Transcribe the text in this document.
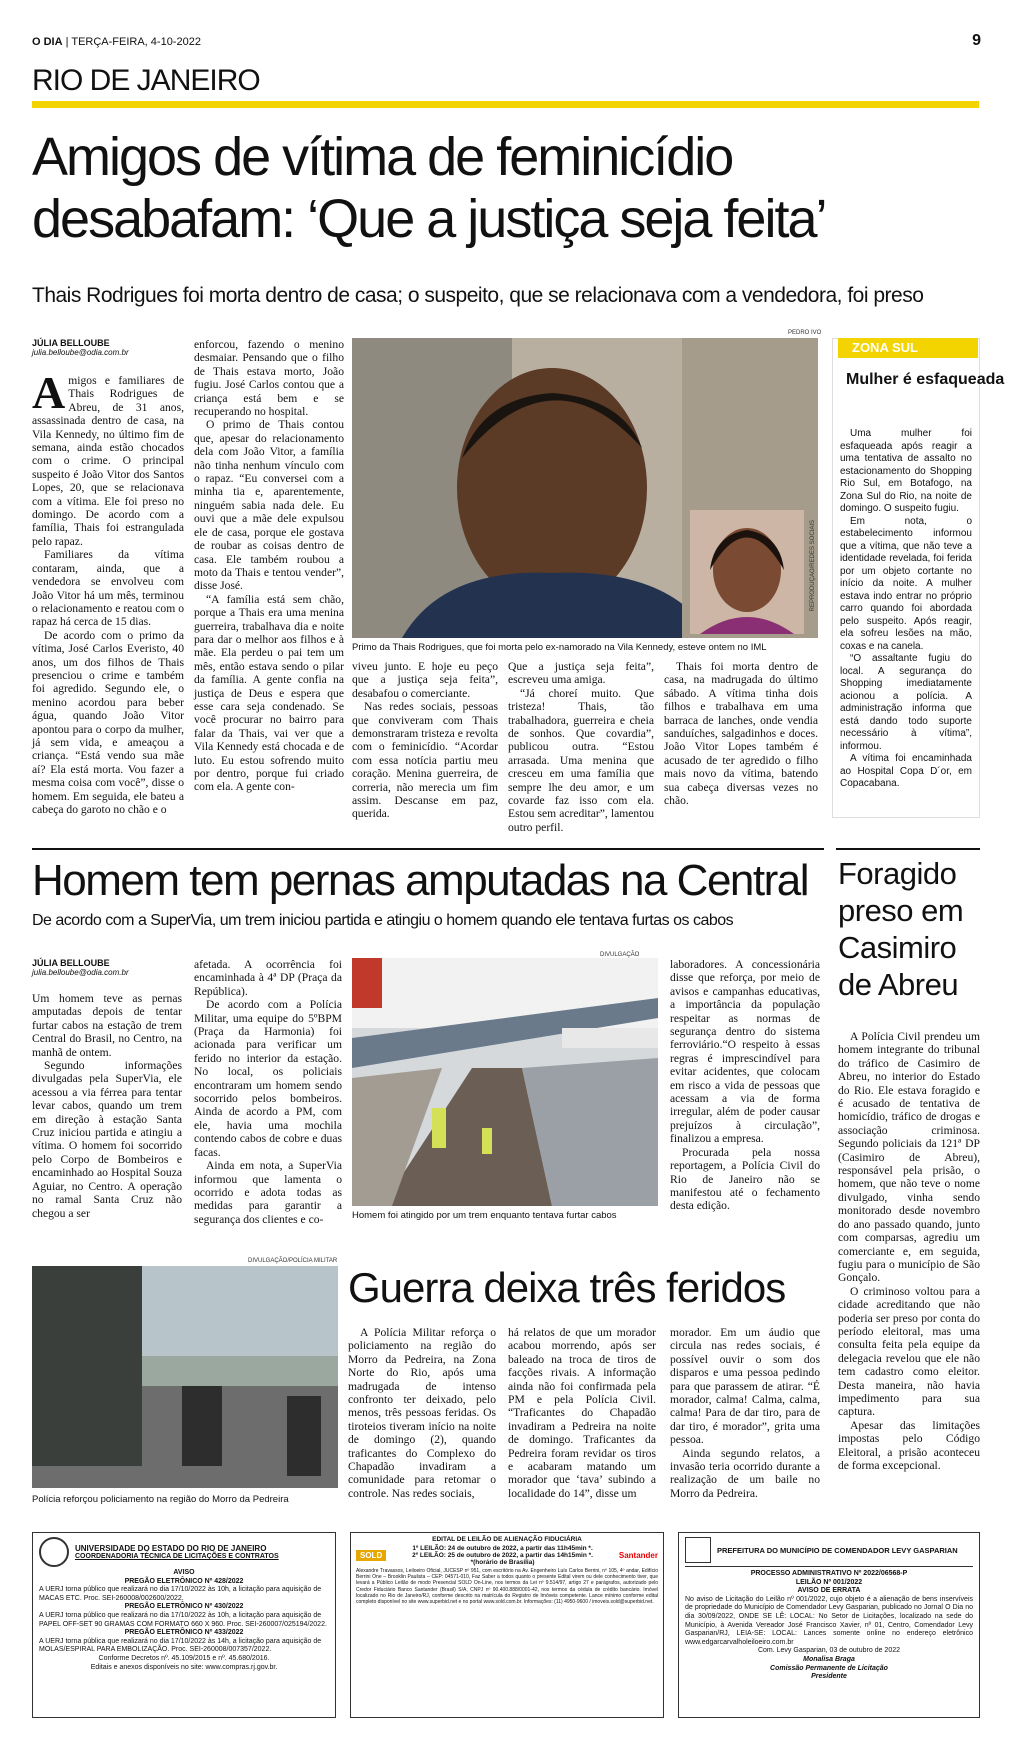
O DIA | TERÇA-FEIRA, 4-10-2022	9
RIO DE JANEIRO
Amigos de vítima de feminicídio desabafam: ‘Que a justiça seja feita’
Thais Rodrigues foi morta dentro de casa; o suspeito, que se relacionava com a vendedora, foi preso
JÚLIA BELLOUBE
julia.belloube@odia.com.br

Amigos e familiares de Thais Rodrigues de Abreu, de 31 anos, assassinada dentro de casa, na Vila Kennedy, no último fim de semana, ainda estão chocados com o crime. O principal suspeito é João Vitor dos Santos Lopes, 20, que se relacionava com a vítima. Ele foi preso no domingo. De acordo com a família, Thais foi estrangulada pelo rapaz.

Familiares da vítima contaram, ainda, que a vendedora se envolveu com João Vitor há um mês, terminou o relacionamento e reatou com o rapaz há cerca de 15 dias.

De acordo com o primo da vítima, José Carlos Everisto, 40 anos, um dos filhos de Thais presenciou o crime e também foi agredido. Segundo ele, o menino acordou para beber água, quando João Vitor apontou para o corpo da mulher, já sem vida, e ameaçou a criança. “Está vendo sua mãe aí? Ela está morta. Vou fazer a mesma coisa com você”, disse o homem. Em seguida, ele bateu a cabeça do garoto no chão e o

enforcou, fazendo o menino desmaiar. Pensando que o filho de Thais estava morto, João fugiu. José Carlos contou que a criança está bem e se recuperando no hospital.

O primo de Thais contou que, apesar do relacionamento dela com João Vitor, a família não tinha nenhum vínculo com o rapaz. “Eu conversei com a minha tia e, aparentemente, ninguém sabia nada dele. Eu ouvi que a mãe dele expulsou ele de casa, porque ele gostava de roubar as coisas dentro de casa. Ele também roubou a moto da Thais e tentou vender”, disse José.

“A família está sem chão, porque a Thais era uma menina guerreira, trabalhava dia e noite para dar o melhor aos filhos e à mãe. Ela perdeu o pai tem um mês, então estava sendo o pilar da família. A gente confia na justiça de Deus e espera que esse cara seja condenado. Se você procurar no bairro para falar da Thais, vai ver que a Vila Kennedy está chocada e de luto. Eu estou sofrendo muito por dentro, porque fui criado com ela. A gente con-

PEDRO IVO
REPRODUÇÃO/REDES SOCIAIS
Primo da Thais Rodrigues, que foi morta pelo ex-namorado na Vila Kennedy, esteve ontem no IML

viveu junto. E hoje eu peço que a justiça seja feita”, desabafou o comerciante.

Nas redes sociais, pessoas que conviveram com Thais demonstraram tristeza e revolta com o feminicídio. “Acordar com essa notícia partiu meu coração. Menina guerreira, de correria, não merecia um fim assim. Descanse em paz, querida.

Que a justiça seja feita”, escreveu uma amiga.

“Já choreí muito. Que tristeza! Thais, tão trabalhadora, guerreira e cheia de sonhos. Que covardia”, publicou outra. “Estou arrasada. Uma menina que cresceu em uma família que sempre lhe deu amor, e um covarde faz isso com ela. Estou sem acreditar”, lamentou outro perfil.

Thais foi morta dentro de casa, na madrugada do último sábado. A vítima tinha dois filhos e trabalhava em uma barraca de lanches, onde vendia sanduíches, salgadinhos e doces. João Vitor Lopes também é acusado de ter agredido o filho mais novo da vítima, batendo sua cabeça diversas vezes no chão.

ZONA SUL
Mulher é esfaqueada

Uma mulher foi esfaqueada após reagir a uma tentativa de assalto no estacionamento do Shopping Rio Sul, em Botafogo, na Zona Sul do Rio, na noite de domingo. O suspeito fugiu.

Em nota, o estabelecimento informou que a vítima, que não teve a identidade revelada, foi ferida por um objeto cortante no início da noite. A mulher estava indo entrar no próprio carro quando foi abordada pelo suspeito. Após reagir, ela sofreu lesões na mão, coxas e na canela.

“O assaltante fugiu do local. A segurança do Shopping imediatamente acionou a polícia. A administração informa que está dando todo suporte necessário à vítima”, informou.

A vítima foi encaminhada ao Hospital Copa D´or, em Copacabana.

Homem tem pernas amputadas na Central
De acordo com a SuperVia, um trem iniciou partida e atingiu o homem quando ele tentava furtas os cabos
JÚLIA BELLOUBE
julia.belloube@odia.com.br

Um homem teve as pernas amputadas depois de tentar furtar cabos na estação de trem Central do Brasil, no Centro, na manhã de ontem.

Segundo informações divulgadas pela SuperVia, ele acessou a via férrea para tentar levar cabos, quando um trem em direção à estação Santa Cruz iniciou partida e atingiu a vítima. O homem foi socorrido pelo Corpo de Bombeiros e encaminhado ao Hospital Souza Aguiar, no Centro. A operação no ramal Santa Cruz não chegou a ser

afetada. A ocorrência foi encaminhada à 4ª DP (Praça da República).

De acordo com a Polícia Militar, uma equipe do 5ºBPM (Praça da Harmonia) foi acionada para verificar um ferido no interior da estação. No local, os policiais encontraram um homem sendo socorrido pelos bombeiros. Ainda de acordo a PM, com ele, havia uma mochila contendo cabos de cobre e duas facas.

Ainda em nota, a SuperVia informou que lamenta o ocorrido e adota todas as medidas para garantir a segurança dos clientes e co-

DIVULGAÇÃO
Homem foi atingido por um trem enquanto tentava furtar cabos

laboradores. A concessionária disse que reforça, por meio de avisos e campanhas educativas, a importância da população respeitar as normas de segurança dentro do sistema ferroviário.“O respeito à essas regras é imprescindível para evitar acidentes, que colocam em risco a vida de pessoas que acessam a via de forma irregular, além de poder causar prejuízos à circulação”, finalizou a empresa.

Procurada pela nossa reportagem, a Polícia Civil do Rio de Janeiro não se manifestou até o fechamento desta edição.

Foragido preso em Casimiro de Abreu

A Polícia Civil prendeu um homem integrante do tribunal do tráfico de Casimiro de Abreu, no interior do Estado do Rio. Ele estava foragido e é acusado de tentativa de homicídio, tráfico de drogas e associação criminosa. Segundo policiais da 121ª DP (Casimiro de Abreu), responsável pela prisão, o homem, que não teve o nome divulgado, vinha sendo monitorado desde novembro do ano passado quando, junto com comparsas, agrediu um comerciante e, em seguida, fugiu para o município de São Gonçalo.

O criminoso voltou para a cidade acreditando que não poderia ser preso por conta do período eleitoral, mas uma consulta feita pela equipe da delegacia revelou que ele não tem cadastro como eleitor. Desta maneira, não havia impedimento para sua captura.

Apesar das limitações impostas pelo Código Eleitoral, a prisão aconteceu de forma excepcional.

DIVULGAÇÃO/POLÍCIA MILITAR
Polícia reforçou policiamento na região do Morro da Pedreira
Guerra deixa três feridos

A Polícia Militar reforça o policiamento na região do Morro da Pedreira, na Zona Norte do Rio, após uma madrugada de intenso confronto ter deixado, pelo menos, três pessoas feridas. Os tiroteios tiveram início na noite de domingo (2), quando traficantes do Complexo do Chapadão invadiram a comunidade para retomar o controle. Nas redes sociais,

há relatos de que um morador acabou morrendo, após ser baleado na troca de tiros de facções rivais. A informação ainda não foi confirmada pela PM e pela Polícia Civil. “Traficantes do Chapadão invadiram a Pedreira na noite de domingo. Traficantes da Pedreira foram revidar os tiros e acabaram matando um morador que ‘tava’ subindo a localidade do 14”, disse um

morador. Em um áudio que circula nas redes sociais, é possível ouvir o som dos disparos e uma pessoa pedindo para que parassem de atirar. “É morador, calma! Calma, calma, calma! Para de dar tiro, para de dar tiro, é morador”, grita uma pessoa.

Ainda segundo relatos, a invasão teria ocorrido durante a realização de um baile no Morro da Pedreira.

UNIVERSIDADE DO ESTADO DO RIO DE JANEIRO
COORDENADORIA TÉCNICA DE LICITAÇÕES E CONTRATOS
AVISO
PREGÃO ELETRÔNICO Nº 428/2022
A UERJ torna público que realizará no dia 17/10/2022 às 10h, a licitação para aquisição de MACAS ETC. Proc. SEI-260008/002600/2022.
PREGÃO ELETRÔNICO Nº 430/2022
A UERJ torna público que realizará no dia 17/10/2022 às 10h, a licitação para aquisição de PAPEL OFF-SET 90 GRAMAS COM FORMATO 660 X 960. Proc. SEI-260007/025194/2022.
PREGÃO ELETRÔNICO Nº 433/2022
A UERJ torna pública que realizará no dia 17/10/2022 às 14h, a licitação para aquisição de MOLAS/ESPIRAL PARA EMBOLIZAÇÃO. Proc. SEI-260008/007357/2022.
Conforme Decretos nº. 45.109/2015 e nº. 45.680/2016.
Editais e anexos disponíveis no site: www.compras.rj.gov.br.
EDITAL DE LEILÃO DE ALIENAÇÃO FIDUCIÁRIA
SOLD
1º LEILÃO: 24 de outubro de 2022, a partir das 11h45min *.
2º LEILÃO: 25 de outubro de 2022, a partir das 14h15min *.
*(horário de Brasília)
Santander
Alexandre Travassos, Leiloeiro Oficial, JUCESP nº 951, com escritório na Av. Engenheiro Luís Carlos Berrini, nº 105, 4º andar, Edifício Berrini One – Brooklin Paulista – CEP: 04571-010, Faz Saber a todos quanto o presente Edital virem ou dele conhecimento tiver, que levará a Público Leilão de modo Presencial SOLD On-Line, nos termos da Lei nº 9.514/97, artigo 27 e parágrafos, autorizado pelo Credor Fiduciário Banco Santander (Brasil) S/A, CNPJ nº 90.400.888/0001-42, nos termos da cédula de crédito bancário. Imóvel localizado no Rio de Janeiro/RJ, conforme descrito na matrícula do Registro de Imóveis competente. Lance mínimo conforme edital completo disponível no site www.superbid.net e no portal www.sold.com.br. Informações: (11) 4950-9600 / imoveis.sold@superbid.net.
PREFEITURA DO MUNICÍPIO DE COMENDADOR LEVY GASPARIAN
PROCESSO ADMINISTRATIVO Nº 2022/06568-P
LEILÃO Nº 001/2022
AVISO DE ERRATA
No aviso de Licitação do Leilão nº 001/2022, cujo objeto é a alienação de bens inservíveis de propriedade do Município de Comendador Levy Gasparian, publicado no Jornal O Dia no dia 30/09/2022, ONDE SE LÊ: LOCAL: No Setor de Licitações, localizado na sede do Município, à Avenida Vereador José Francisco Xavier, nº 01, Centro, Comendador Levy Gasparian/RJ, LEIA-SE: LOCAL: Lances somente online no endereço eletrônico www.edgarcarvalholeiloeiro.com.br
Com. Levy Gasparian, 03 de outubro de 2022
Monalisa Braga
Comissão Permanente de Licitação
Presidente
